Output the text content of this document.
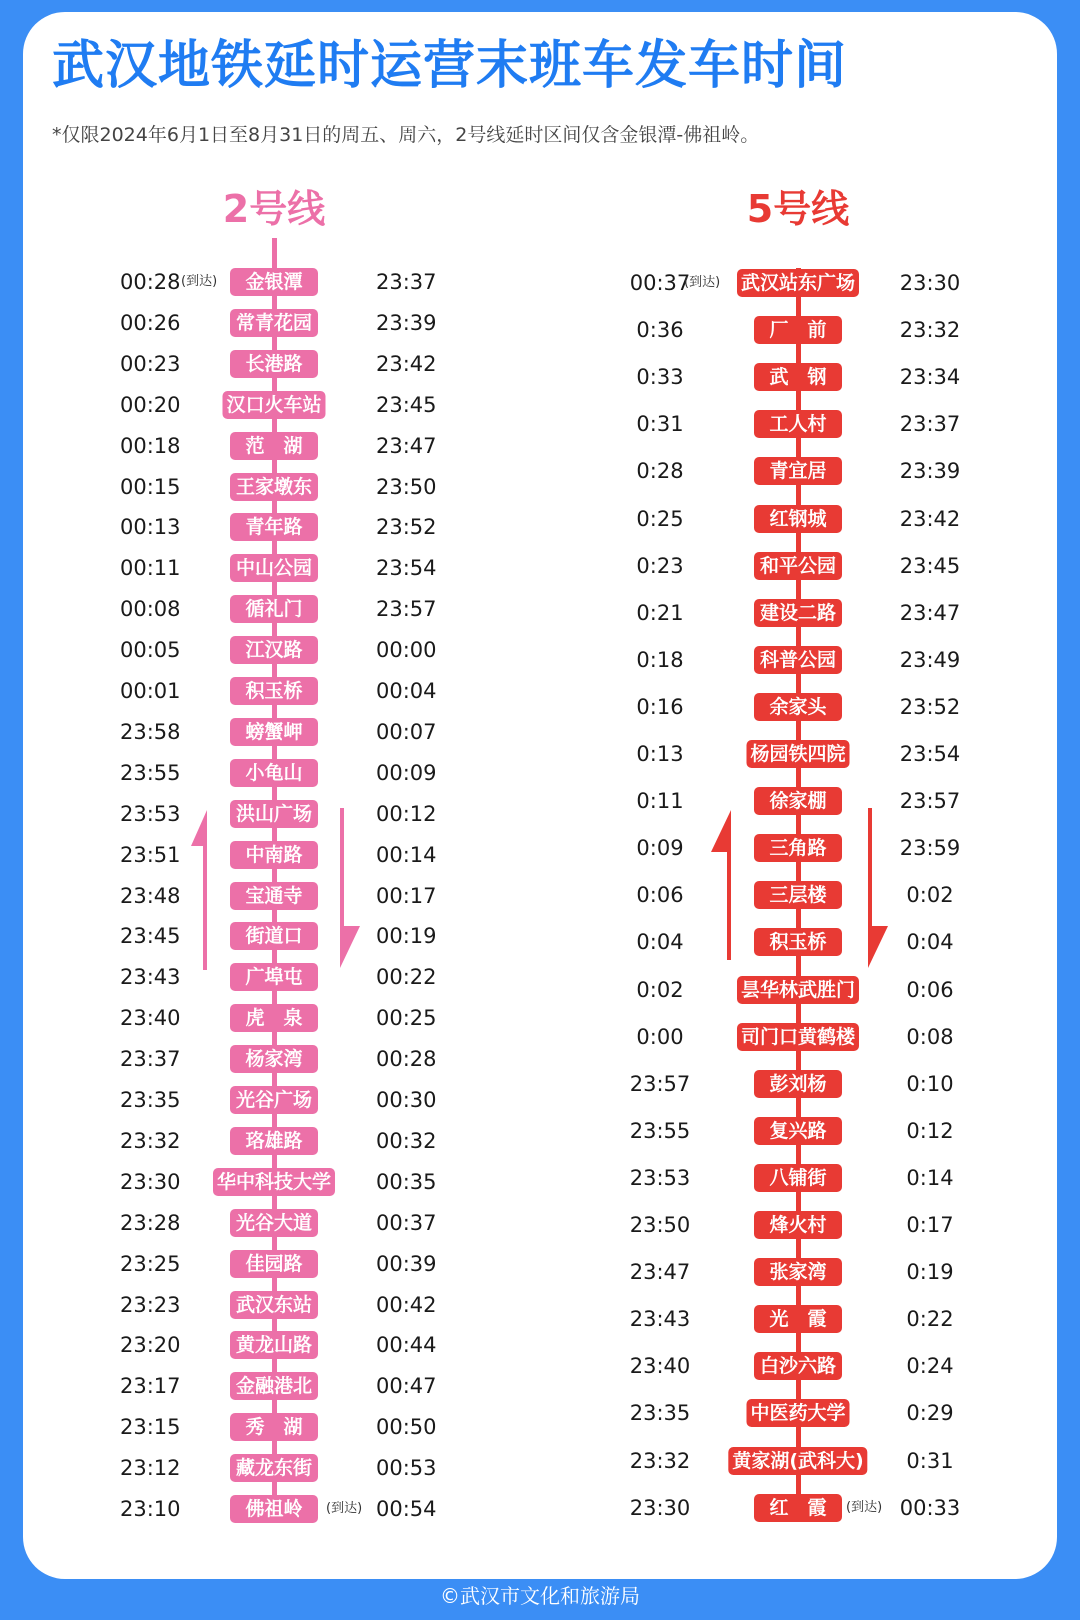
武汉地铁延时运营末班车发车时间
*仅限2024年6月1日至8月31日的周五、周六，2号线延时区间仅含金银潭-佛祖岭。
2号线	5号线
00:28	金银潭	23:37
(到达)
00:26	常青花园	23:39
00:23	长港路	23:42
00:20 汉口火车站	23:45
00:18	范　湖	23:47
00:15	王家墩东	23:50
00:13	青年路	23:52
00:11	中山公园	23:54
00:08	循礼门	23:57
00:05	江汉路	00:00
00:01	积玉桥	00:04
23:58	螃蟹岬	00:07
23:55	小龟山	00:09
23:53	洪山广场	00:12
23:51	中南路	00:14
23:48	宝通寺	00:17
23:45	街道口	00:19
23:43	广埠屯	00:22
23:40	虎　泉	00:25
23:37	杨家湾	00:28
23:35	光谷广场	00:30
23:32	珞雄路	00:32
23:30 华中科技大学 00:35
23:28	光谷大道	00:37
23:25	佳园路	00:39
23:23	武汉东站	00:42
23:20	黄龙山路	00:44
23:17	金融港北	00:47
23:15	秀　湖	00:50
23:12	藏龙东街	00:53
23:10	佛祖岭	00:54
(到达)
00:37	武汉站东广场	23:30
(到达)
0:36	厂　前	23:32
0:33	武　钢	23:34
0:31	工人村	23:37
0:28	青宜居	23:39
0:25	红钢城	23:42
0:23	和平公园	23:45
0:21	建设二路	23:47
0:18	科普公园	23:49
0:16	余家头	23:52
0:13	杨园铁四院	23:54
0:11	徐家棚	23:57
0:09	三角路	23:59
0:06	三层楼	0:02
0:04	积玉桥	0:04
0:02	昙华林武胜门	0:06
0:00	司门口黄鹤楼	0:08
23:57	彭刘杨	0:10
23:55	复兴路	0:12
23:53	八铺街	0:14
23:50	烽火村	0:17
23:47	张家湾	0:19
23:43	光　霞	0:22
23:40	白沙六路	0:24
23:35	中医药大学	0:29
23:32	黄家湖(武科大)	0:31
23:30	红　霞	00:33
(到达)
©武汉市文化和旅游局
